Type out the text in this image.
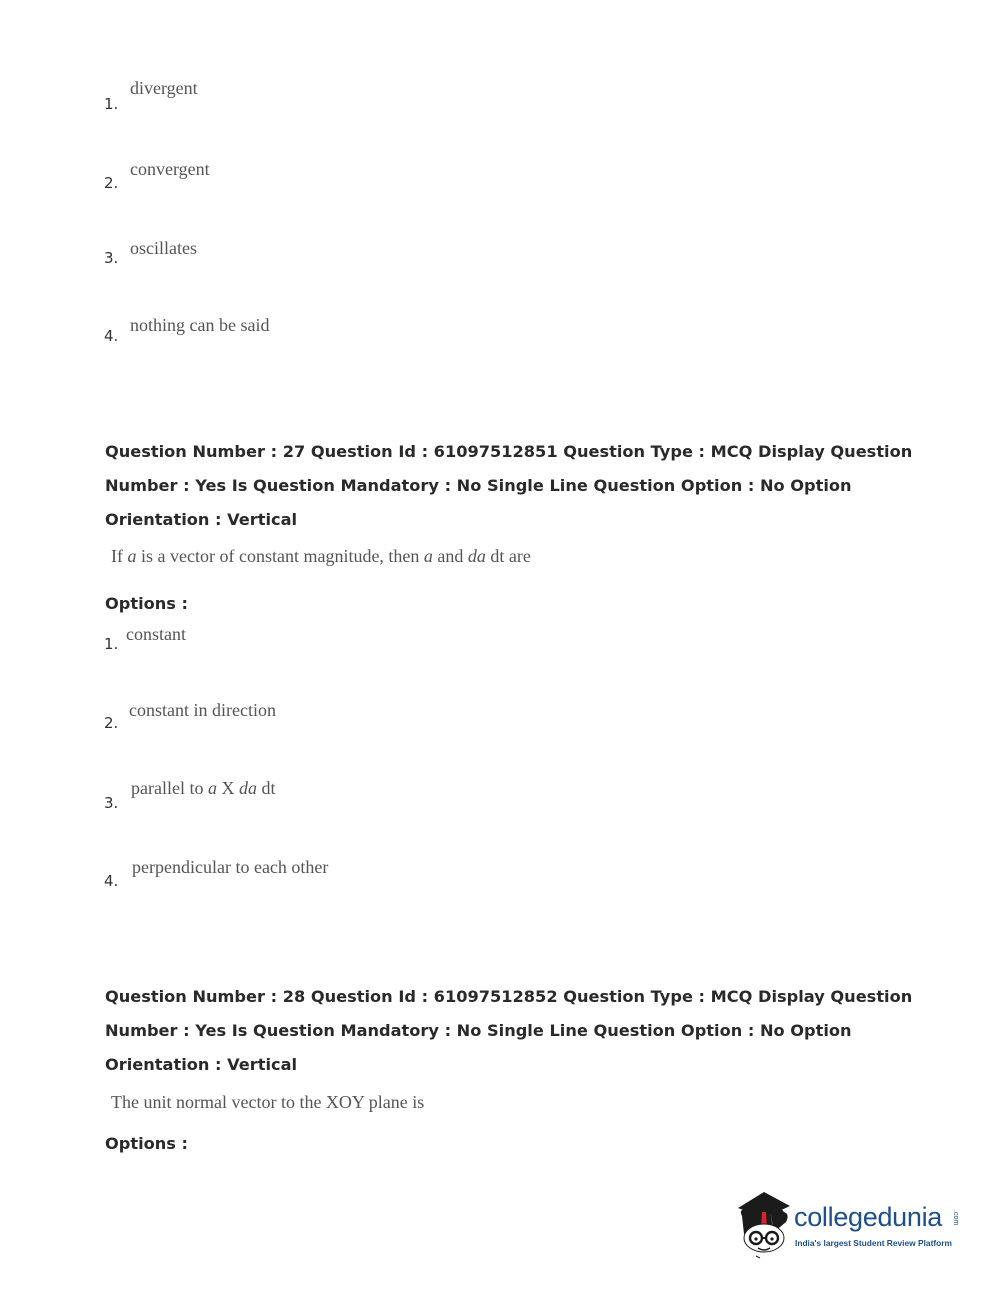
1.
divergent
2.
convergent
3. oscillates
4.
nothing can be said

Question Number : 27 Question Id : 61097512851 Question Type : MCQ Display Question

Number : Yes Is Question Mandatory : No Single Line Question Option : No Option

Orientation : Vertical

If a is a vector of constant magnitude, then a and da dt are
Options :
1. constant
2.
constant in direction
3.
parallel to a X da dt
4.
perpendicular to each other

Question Number : 28 Question Id : 61097512852 Question Type : MCQ Display Question

Number : Yes Is Question Mandatory : No Single Line Question Option : No Option

Orientation : Vertical

The unit normal vector to the XOY plane is
Options :
collegedunia .com
India's largest Student Review Platform
